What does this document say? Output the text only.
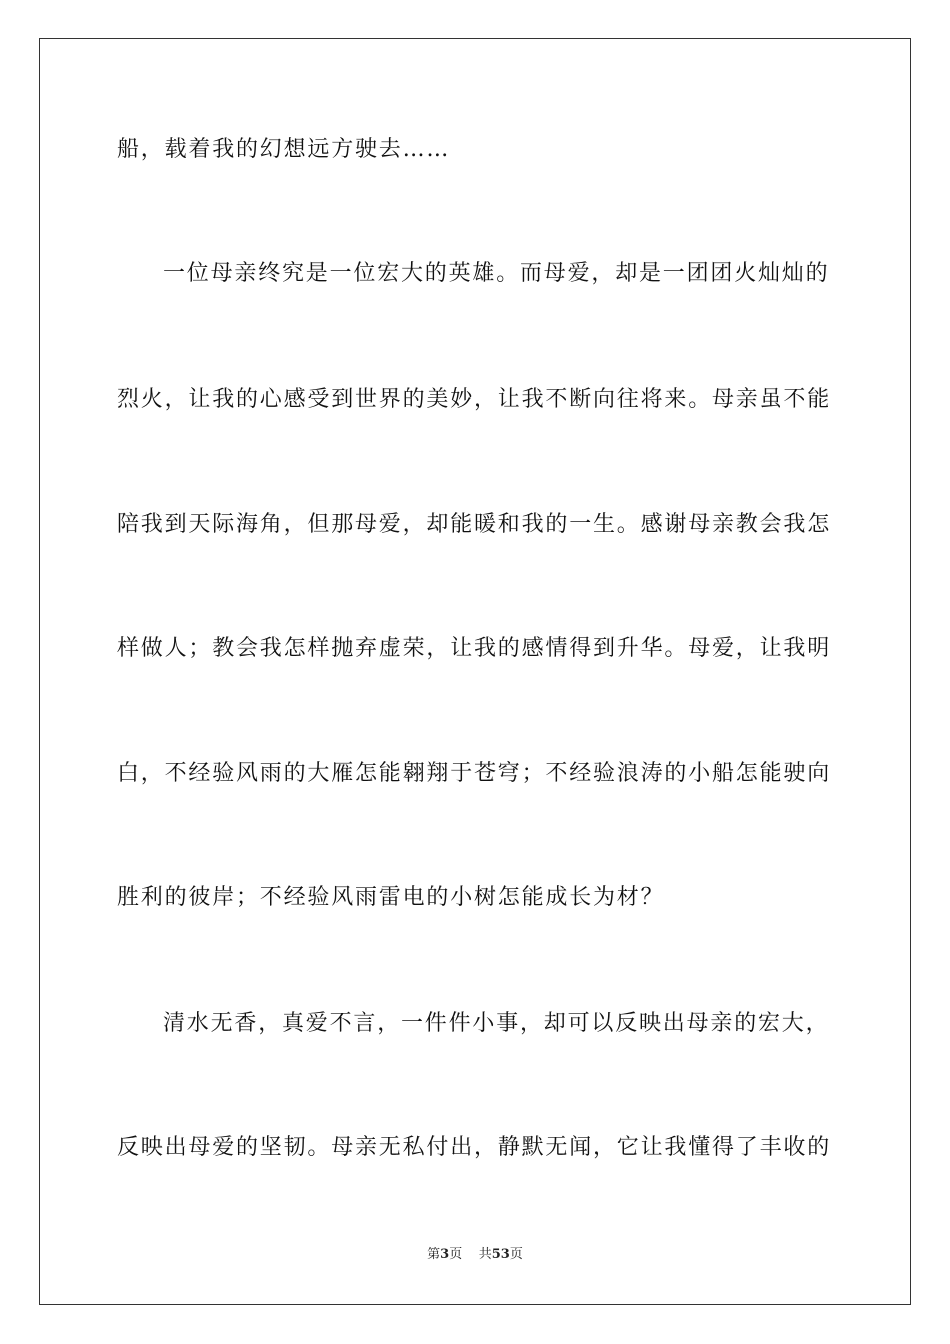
船，载着我的幻想远方驶去……
一位母亲终究是一位宏大的英雄。而母爱，却是一团团火灿灿的
烈火，让我的心感受到世界的美妙，让我不断向往将来。母亲虽不能
陪我到天际海角，但那母爱，却能暖和我的一生。感谢母亲教会我怎
样做人；教会我怎样抛弃虚荣，让我的感情得到升华。母爱，让我明
白，不经验风雨的大雁怎能翱翔于苍穹；不经验浪涛的小船怎能驶向
胜利的彼岸；不经验风雨雷电的小树怎能成长为材？
清水无香，真爱不言，一件件小事，却可以反映出母亲的宏大，
反映出母爱的坚韧。母亲无私付出，静默无闻，它让我懂得了丰收的
第3页 共53页
